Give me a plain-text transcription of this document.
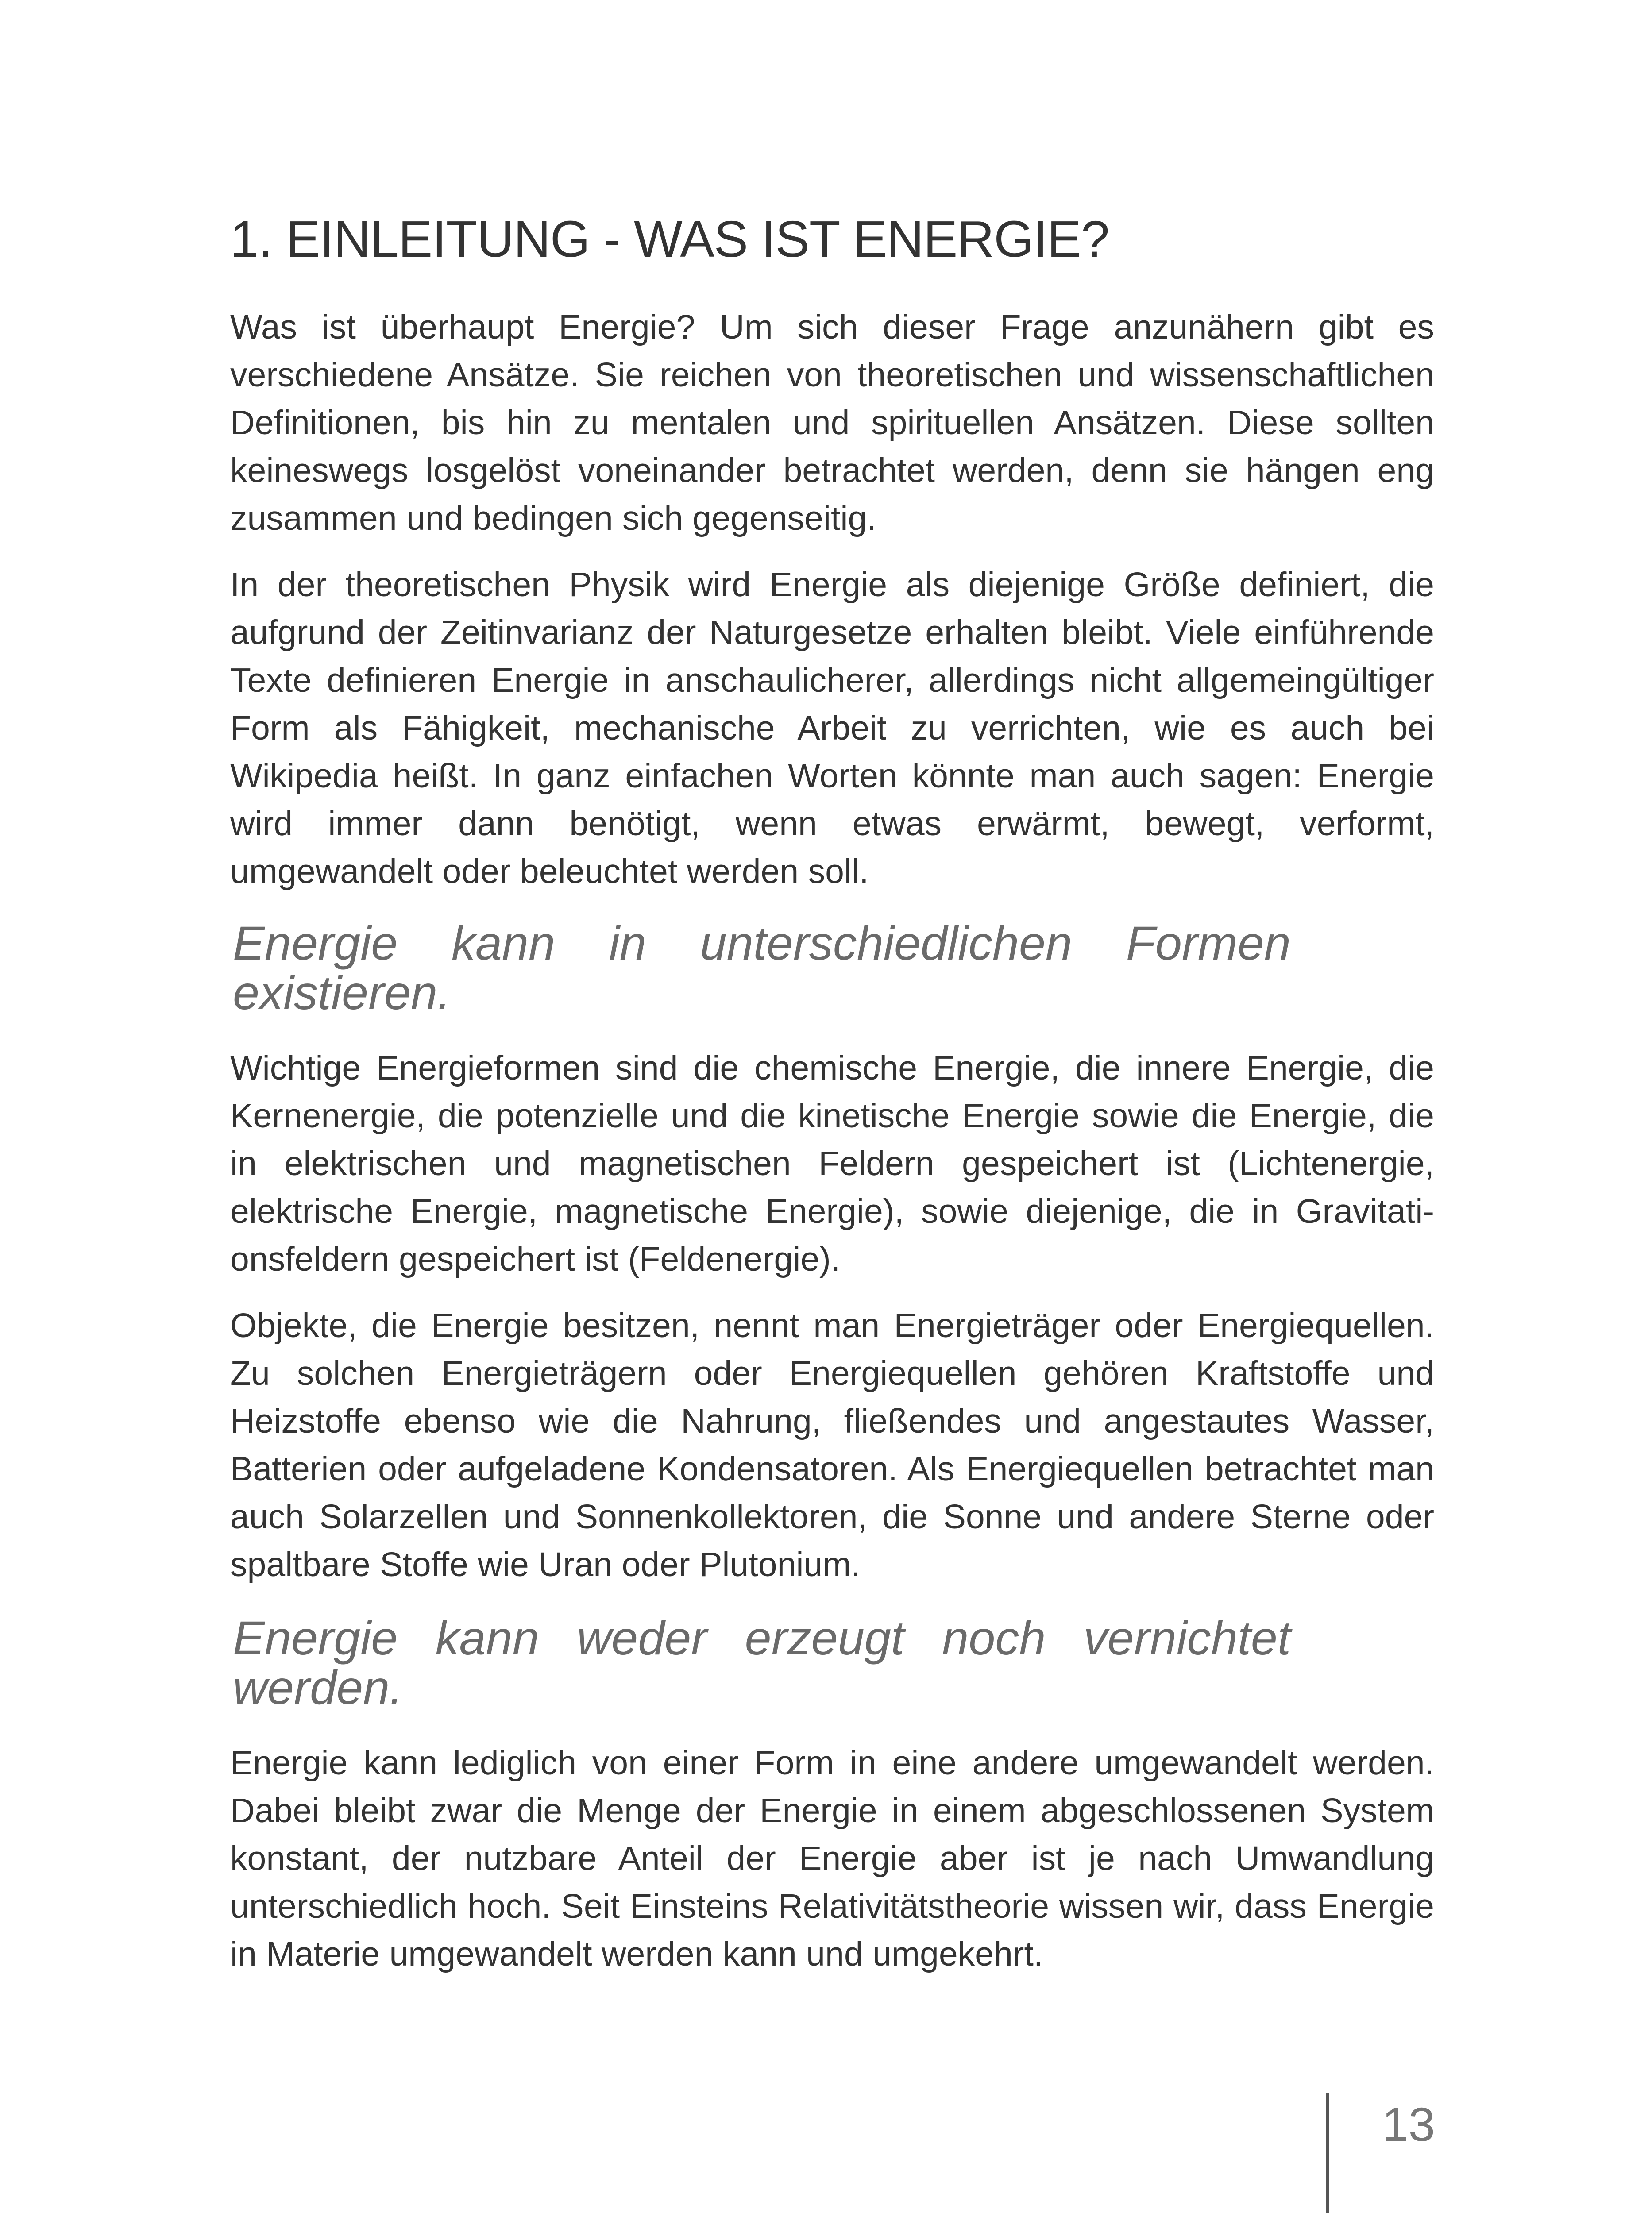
1. EINLEITUNG - WAS IST ENERGIE?

Was ist überhaupt Energie? Um sich dieser Frage anzunähern gibt es verschiedene Ansätze. Sie reichen von theoretischen und wissenschaftlichen Definitionen, bis hin zu mentalen und spirituellen Ansätzen. Diese sollten keineswegs losgelöst voneinander betrachtet werden, denn sie hängen eng zusammen und bedingen sich gegenseitig.

In der theoretischen Physik wird Energie als diejenige Größe definiert, die aufgrund der Zeitinvarianz der Naturgesetze erhalten bleibt. Viele einführende Texte definieren Energie in anschaulicherer, allerdings nicht allgemeingültiger Form als Fähigkeit, mechanische Arbeit zu verrichten, wie es auch bei Wikipedia heißt. In ganz einfachen Worten könnte man auch sagen: Energie wird immer dann benötigt, wenn etwas erwärmt, bewegt, verformt, umgewandelt oder beleuchtet werden soll.

Energie kann in unterschiedlichen Formen existieren.

Wichtige Energieformen sind die chemische Energie, die innere Energie, die Kernenergie, die potenzielle und die kinetische Energie sowie die Energie, die in elektrischen und magnetischen Feldern gespeichert ist (Lichtenergie, elektrische Energie, magnetische Energie), sowie diejenige, die in Gravitationsfeldern gespeichert ist (Feldenergie).

Objekte, die Energie besitzen, nennt man Energieträger oder Energiequellen. Zu solchen Energieträgern oder Energiequellen gehören Kraftstoffe und Heizstoffe ebenso wie die Nahrung, fließendes und angestautes Wasser, Batterien oder aufgeladene Kondensatoren. Als Energiequellen betrachtet man auch Solarzellen und Sonnenkollektoren, die Sonne und andere Sterne oder spaltbare Stoffe wie Uran oder Plutonium.

Energie kann weder erzeugt noch vernichtet werden.

Energie kann lediglich von einer Form in eine andere umgewandelt werden. Dabei bleibt zwar die Menge der Energie in einem abgeschlossenen System konstant, der nutzbare Anteil der Energie aber ist je nach Umwandlung unterschiedlich hoch. Seit Einsteins Relativitätstheorie wissen wir, dass Energie in Materie umgewandelt werden kann und umgekehrt.

13
